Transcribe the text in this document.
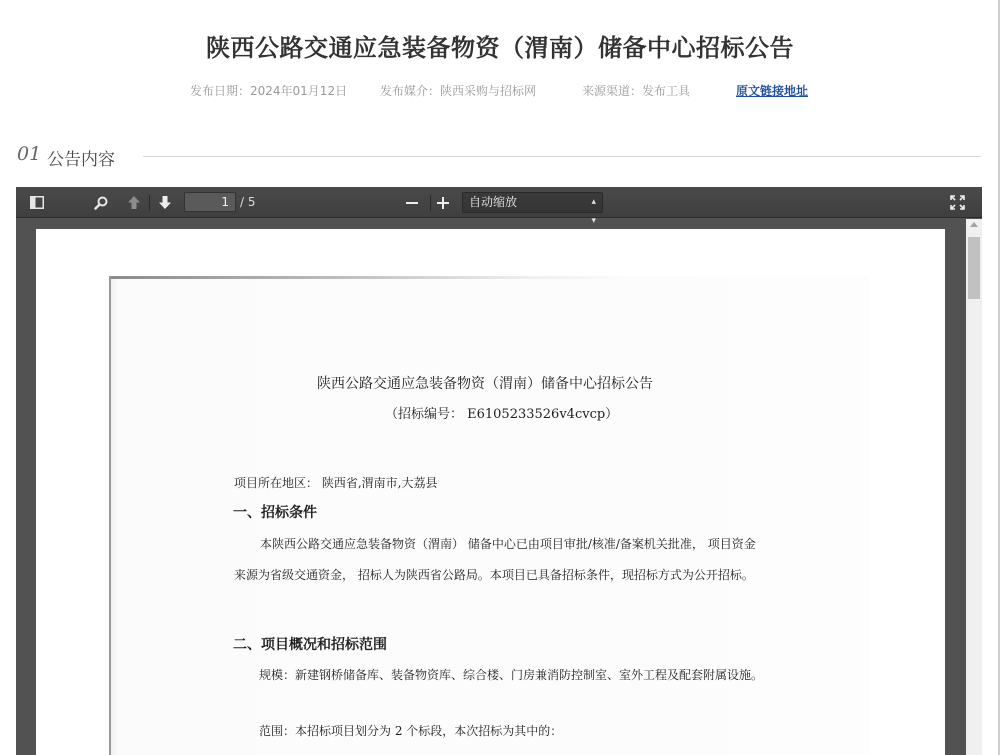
陕西公路交通应急装备物资（渭南）储备中心招标公告
发布日期：2024年01月12日	发布媒介：陕西采购与招标网	来源渠道：发布工具	原文链接地址
01 公告内容
1 / 5	自动缩放	▴
▾
陕西公路交通应急装备物资（渭南）储备中心招标公告
（招标编号： E6105233526v4cvcp）
项目所在地区： 陕西省,渭南市,大荔县
一、招标条件
本陕西公路交通应急装备物资（渭南） 储备中心已由项目审批/核准/备案机关批准， 项目资金来源为省级交通资金， 招标人为陕西省公路局。本项目已具备招标条件，现招标方式为公开招标。
二、项目概况和招标范围
规模：新建钢桥储备库、装备物资库、综合楼、门房兼消防控制室、室外工程及配套附属设施。
范围：本招标项目划分为 2 个标段，本次招标为其中的：
